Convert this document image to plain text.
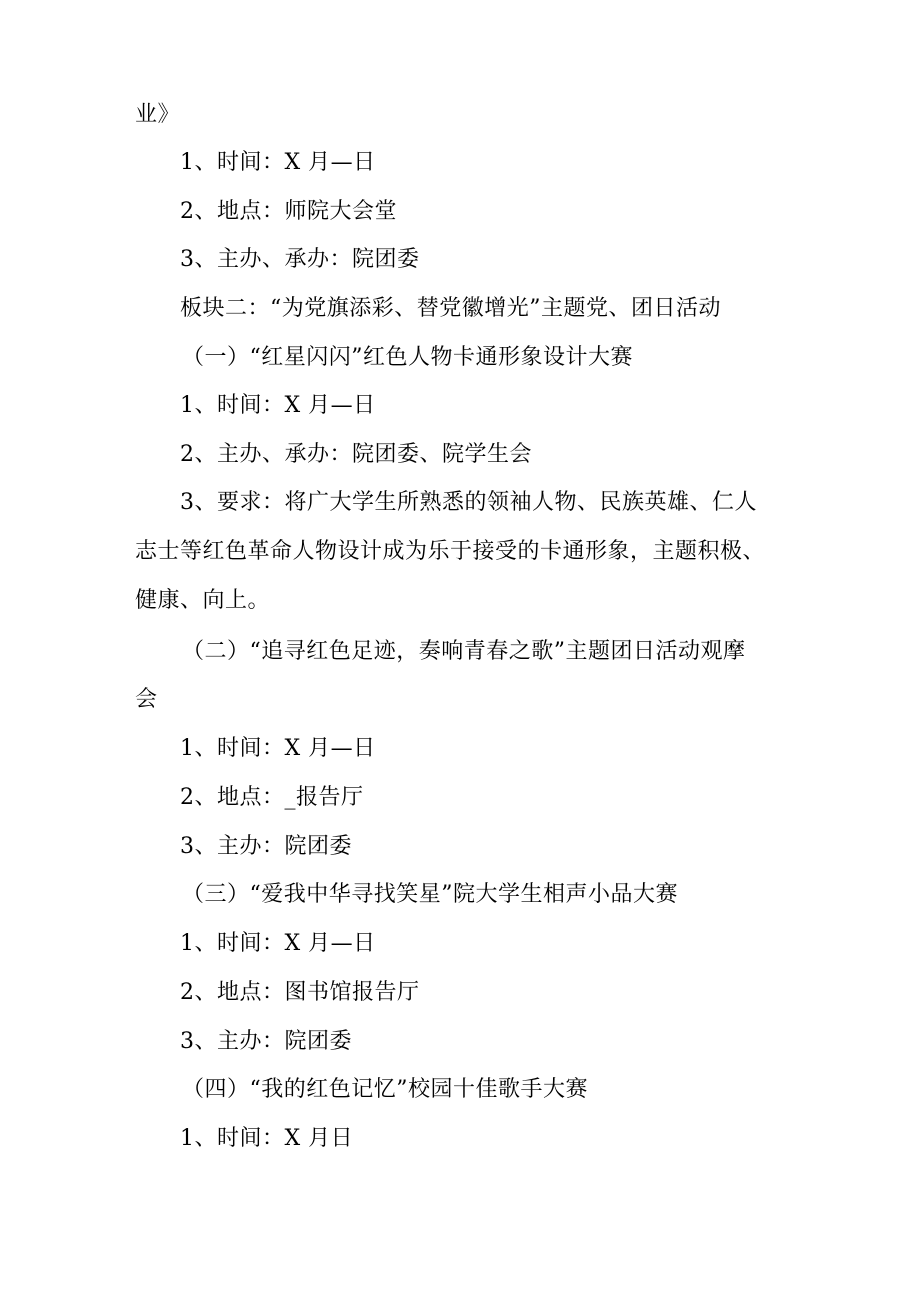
业》
1、时间：X 月—日
2、地点：师院大会堂
3、主办、承办：院团委
板块二：“为党旗添彩、替党徽增光”主题党、团日活动
（一）“红星闪闪”红色人物卡通形象设计大赛
1、时间：X 月—日
2、主办、承办：院团委、院学生会
3、要求：将广大学生所熟悉的领袖人物、民族英雄、仁人
志士等红色革命人物设计成为乐于接受的卡通形象，主题积极、
健康、向上。
（二）“追寻红色足迹，奏响青春之歌”主题团日活动观摩
会
1、时间：X 月—日
2、地点：_报告厅
3、主办：院团委
（三）“爱我中华寻找笑星”院大学生相声小品大赛
1、时间：X 月—日
2、地点：图书馆报告厅
3、主办：院团委
（四）“我的红色记忆”校园十佳歌手大赛
1、时间：X 月日
